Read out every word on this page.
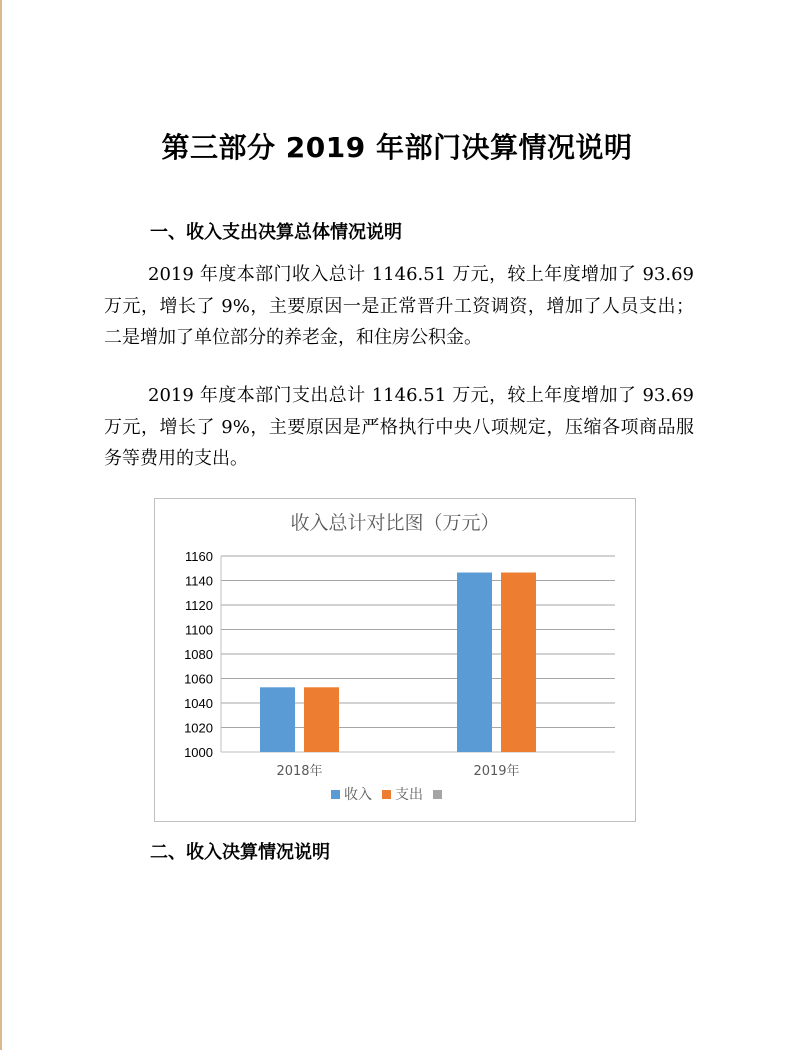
第三部分 2019 年部门决算情况说明
一、收入支出决算总体情况说明

2019 年度本部门收入总计 1146.51 万元，较上年度增加了 93.69 万元，增长了 9%，主要原因一是正常晋升工资调资，增加了人员支出；二是增加了单位部分的养老金，和住房公积金。

2019 年度本部门支出总计 1146.51 万元，较上年度增加了 93.69 万元，增长了 9%，主要原因是严格执行中央八项规定，压缩各项商品服务等费用的支出。

收入总计对比图（万元）
1000
1020
1040
1060
1080
1100
1120
1140
1160
2018年	2019年
收入 支出
二、收入决算情况说明
